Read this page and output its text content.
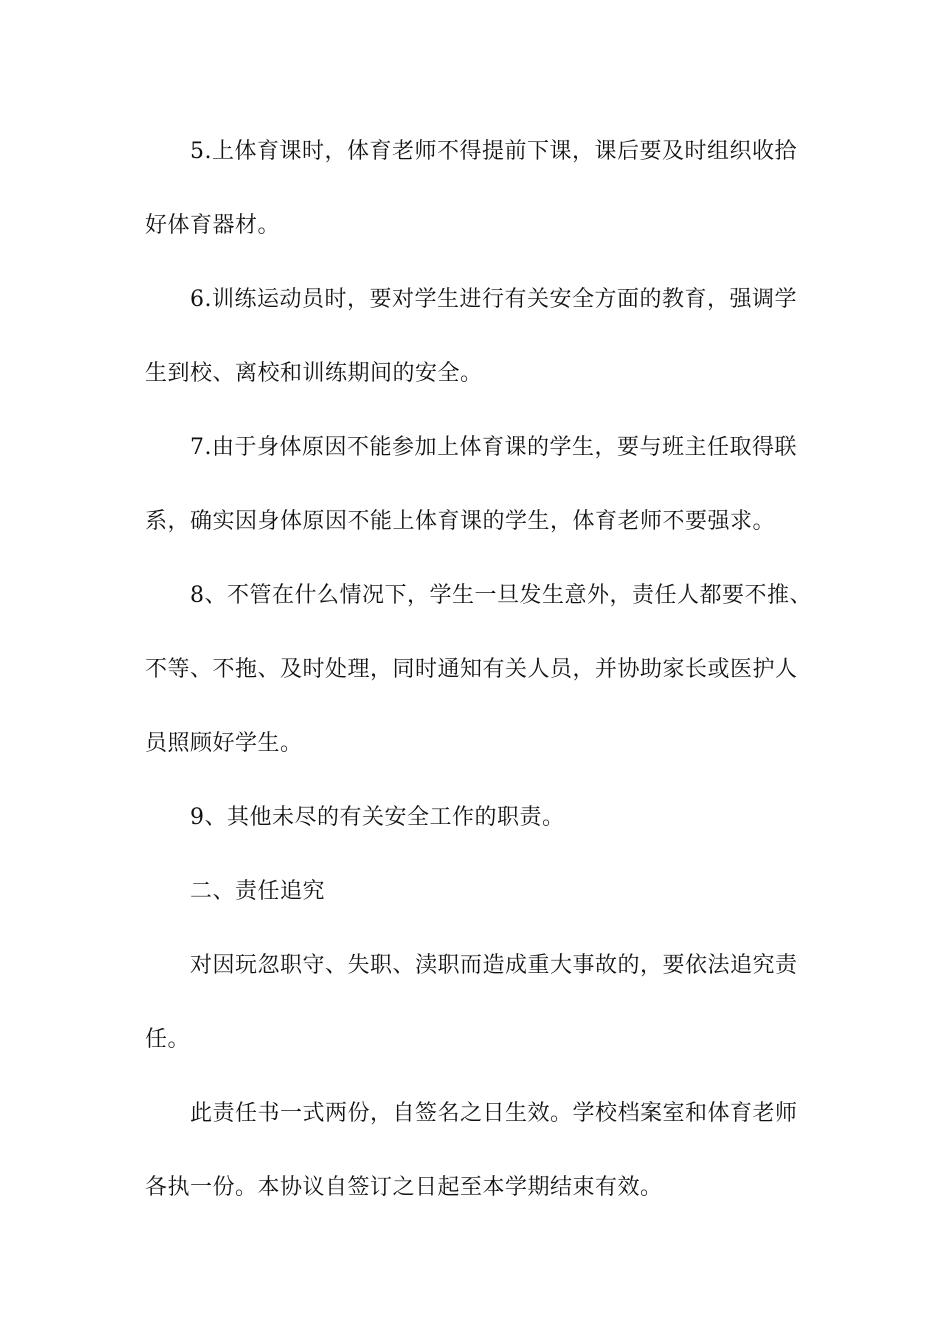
5.上体育课时，体育老师不得提前下课，课后要及时组织收拾
好体育器材。
6.训练运动员时，要对学生进行有关安全方面的教育，强调学
生到校、离校和训练期间的安全。
7.由于身体原因不能参加上体育课的学生，要与班主任取得联
系，确实因身体原因不能上体育课的学生，体育老师不要强求。
8、不管在什么情况下，学生一旦发生意外，责任人都要不推、
不等、不拖、及时处理，同时通知有关人员，并协助家长或医护人
员照顾好学生。
9、其他未尽的有关安全工作的职责。
二、责任追究
对因玩忽职守、失职、渎职而造成重大事故的，要依法追究责
任。
此责任书一式两份，自签名之日生效。学校档案室和体育老师
各执一份。本协议自签订之日起至本学期结束有效。
